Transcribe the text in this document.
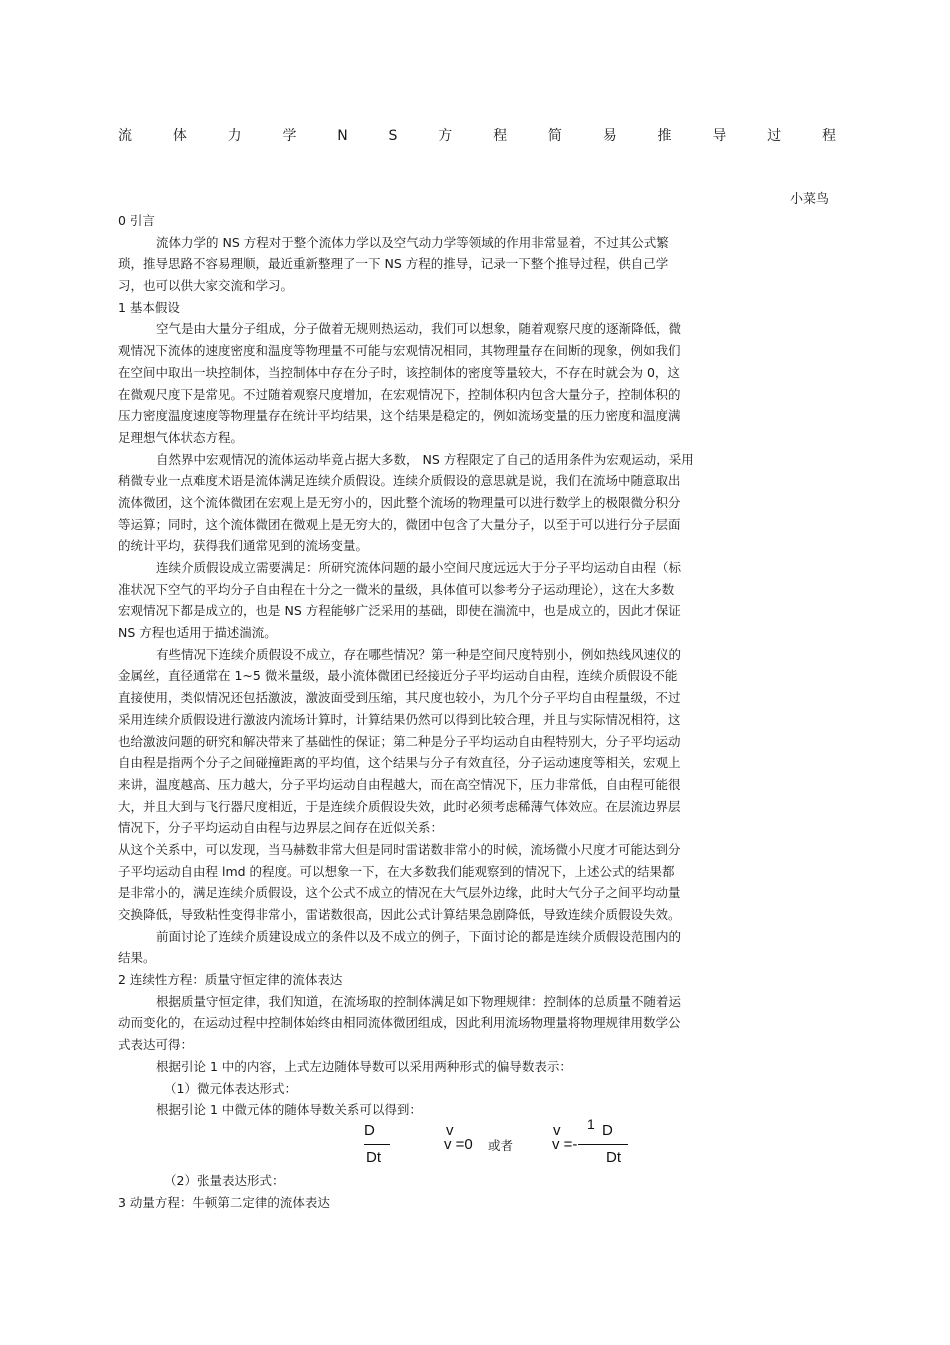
流	体	力	学	N	S	方	程	简	易	推	导	过	程
小菜鸟
0 引言
流体力学的 NS 方程对于整个流体力学以及空气动力学等领域的作用非常显着，不过其公式繁
琐，推导思路不容易理顺，最近重新整理了一下 NS 方程的推导，记录一下整个推导过程，供自己学
习，也可以供大家交流和学习。
1 基本假设
空气是由大量分子组成，分子做着无规则热运动，我们可以想象，随着观察尺度的逐渐降低，微
观情况下流体的速度密度和温度等物理量不可能与宏观情况相同，其物理量存在间断的现象，例如我们
在空间中取出一块控制体，当控制体中存在分子时，该控制体的密度等量较大，不存在时就会为 0，这
在微观尺度下是常见。不过随着观察尺度增加，在宏观情况下，控制体积内包含大量分子，控制体积的
压力密度温度速度等物理量存在统计平均结果，这个结果是稳定的，例如流场变量的压力密度和温度满
足理想气体状态方程。
自然界中宏观情况的流体运动毕竟占据大多数， NS 方程限定了自己的适用条件为宏观运动，采用
稍微专业一点难度术语是流体满足连续介质假设。连续介质假设的意思就是说，我们在流场中随意取出
流体微团，这个流体微团在宏观上是无穷小的，因此整个流场的物理量可以进行数学上的极限微分积分
等运算；同时，这个流体微团在微观上是无穷大的，微团中包含了大量分子，以至于可以进行分子层面
的统计平均，获得我们通常见到的流场变量。
连续介质假设成立需要满足：所研究流体问题的最小空间尺度远远大于分子平均运动自由程（标
准状况下空气的平均分子自由程在十分之一微米的量级，具体值可以参考分子运动理论），这在大多数
宏观情况下都是成立的，也是 NS 方程能够广泛采用的基础，即使在湍流中，也是成立的，因此才保证
NS 方程也适用于描述湍流。
有些情况下连续介质假设不成立，存在哪些情况？第一种是空间尺度特别小，例如热线风速仪的
金属丝，直径通常在 1~5 微米量级，最小流体微团已经接近分子平均运动自由程，连续介质假设不能
直接使用，类似情况还包括激波，激波面受到压缩，其尺度也较小，为几个分子平均自由程量级，不过
采用连续介质假设进行激波内流场计算时，计算结果仍然可以得到比较合理，并且与实际情况相符，这
也给激波问题的研究和解决带来了基础性的保证；第二种是分子平均运动自由程特别大，分子平均运动
自由程是指两个分子之间碰撞距离的平均值，这个结果与分子有效直径，分子运动速度等相关，宏观上
来讲，温度越高、压力越大，分子平均运动自由程越大，而在高空情况下，压力非常低，自由程可能很
大，并且大到与飞行器尺度相近，于是连续介质假设失效，此时必须考虑稀薄气体效应。在层流边界层
情况下，分子平均运动自由程与边界层之间存在近似关系：
从这个关系中，可以发现，当马赫数非常大但是同时雷诺数非常小的时候，流场微小尺度才可能达到分
子平均运动自由程 lmd 的程度。可以想象一下，在大多数我们能观察到的情况下，上述公式的结果都
是非常小的，满足连续介质假设，这个公式不成立的情况在大气层外边缘，此时大气分子之间平均动量
交换降低，导致粘性变得非常小，雷诺数很高，因此公式计算结果急剧降低，导致连续介质假设失效。
前面讨论了连续介质建设成立的条件以及不成立的例子，下面讨论的都是连续介质假设范围内的
结果。
2 连续性方程：质量守恒定律的流体表达
根据质量守恒定律，我们知道，在流场取的控制体满足如下物理规律：控制体的总质量不随着运
动而变化的，在运动过程中控制体始终由相同流体微团组成，因此利用流场物理量将物理规律用数学公
式表达可得：
根据引论 1 中的内容，上式左边随体导数可以采用两种形式的偏导数表示：
（1）微元体表达形式：
根据引论 1 中微元体的随体导数关系可以得到：
D
Dt
v
v =0 或者
v
v =-
1 D
Dt
（2）张量表达形式：
3 动量方程：牛顿第二定律的流体表达
